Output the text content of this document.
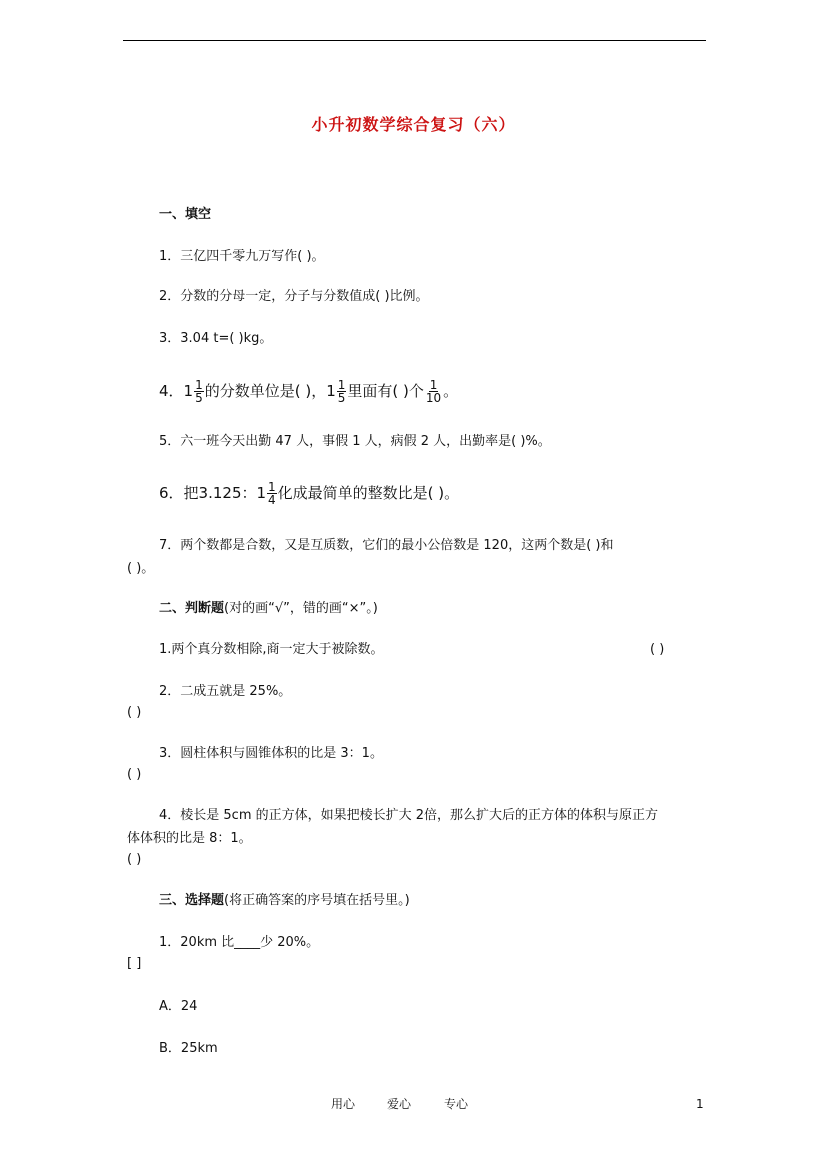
小升初数学综合复习（六）
一、填空
1．三亿四千零九万写作( )。
2．分数的分母一定，分子与分数值成( )比例。
3．3.04 t=( )kg。
4．$1 \frac{1}{5}$ 的分数单位是( )，$1 \frac{1}{5}$ 里面有( )个 $\frac{1}{10}$ 。
5．六一班今天出勤 47 人，事假 1 人，病假 2 人，出勤率是( )%。
6．把3.125：$1 \frac{1}{4}$ 化成最简单的整数比是( )。
7．两个数都是合数，又是互质数，它们的最小公倍数是 120，这两个数是( )和
( )。
二、判断题(对的画“√”，错的画“×”。)
1.两个真分数相除,商一定大于被除数。	( )
2．二成五就是 25%。
( )
3．圆柱体积与圆锥体积的比是 3：1。
( )
4．棱长是 5cm 的正方体，如果把棱长扩大 2倍，那么扩大后的正方体的体积与原正方
体体积的比是 8：1。
( )
三、选择题(将正确答案的序号填在括号里。)
1．20km 比____少 20%。
[ ]
A．24
B．25km
用心	爱心	专心	1
